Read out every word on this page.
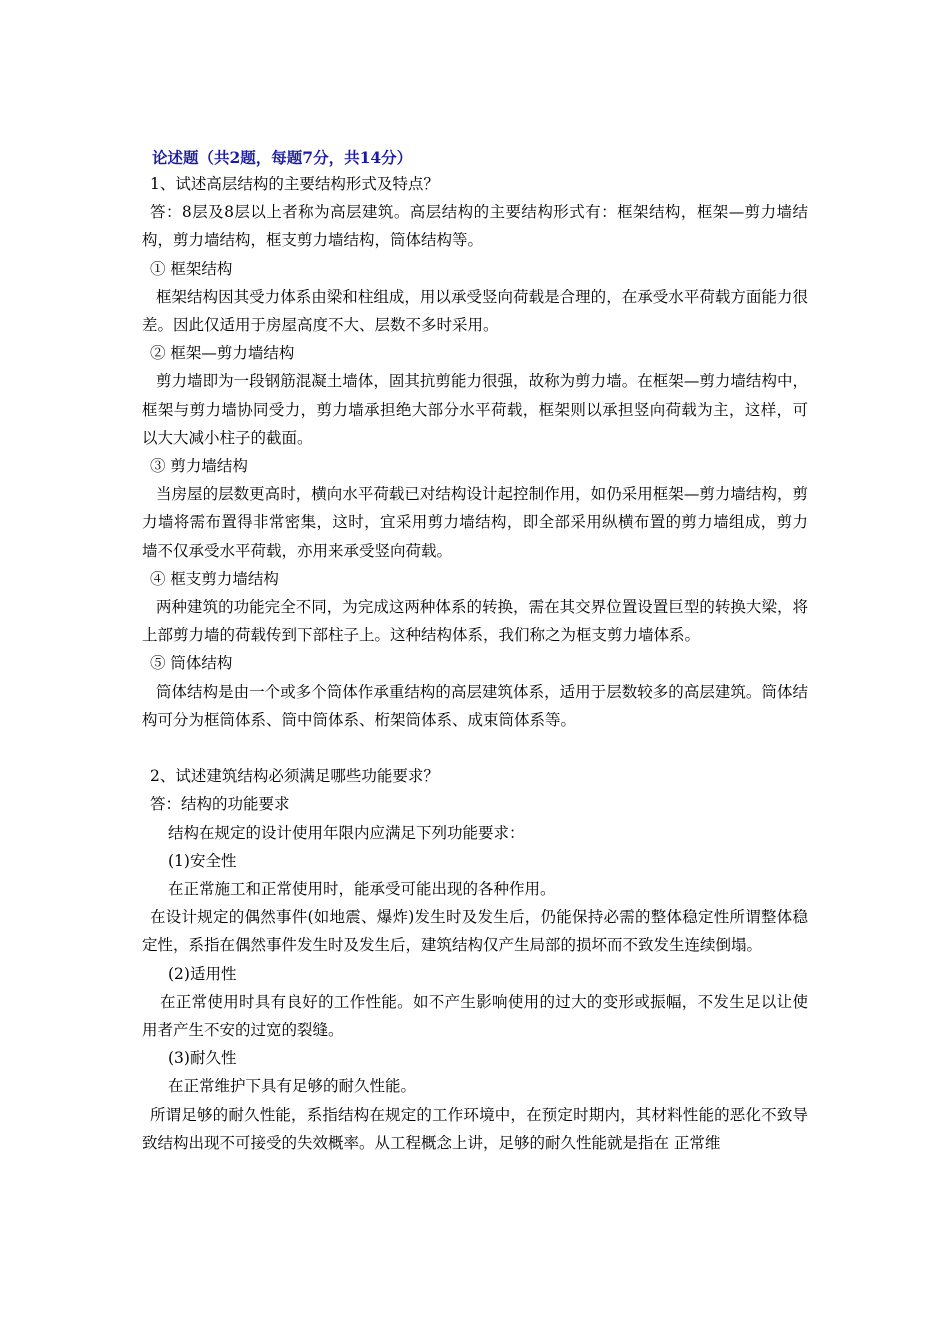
论述题（共2题，每题7分，共14分）

1、试述高层结构的主要结构形式及特点？

答：8层及8层以上者称为高层建筑。高层结构的主要结构形式有：框架结构，框架—剪力墙结构，剪力墙结构，框支剪力墙结构，筒体结构等。

① 框架结构

框架结构因其受力体系由梁和柱组成，用以承受竖向荷载是合理的，在承受水平荷载方面能力很差。因此仅适用于房屋高度不大、层数不多时采用。

② 框架—剪力墙结构

剪力墙即为一段钢筋混凝土墙体，固其抗剪能力很强，故称为剪力墙。在框架—剪力墙结构中，框架与剪力墙协同受力，剪力墙承担绝大部分水平荷载，框架则以承担竖向荷载为主，这样，可以大大减小柱子的截面。

③ 剪力墙结构

当房屋的层数更高时，横向水平荷载已对结构设计起控制作用，如仍采用框架—剪力墙结构，剪力墙将需布置得非常密集，这时，宜采用剪力墙结构，即全部采用纵横布置的剪力墙组成，剪力墙不仅承受水平荷载，亦用来承受竖向荷载。

④ 框支剪力墙结构

两种建筑的功能完全不同，为完成这两种体系的转换，需在其交界位置设置巨型的转换大梁，将上部剪力墙的荷载传到下部柱子上。这种结构体系，我们称之为框支剪力墙体系。

⑤ 筒体结构

筒体结构是由一个或多个筒体作承重结构的高层建筑体系，适用于层数较多的高层建筑。筒体结构可分为框筒体系、筒中筒体系、桁架筒体系、成束筒体系等。

2、试述建筑结构必须满足哪些功能要求？

答：结构的功能要求

结构在规定的设计使用年限内应满足下列功能要求：

(1)安全性

在正常施工和正常使用时，能承受可能出现的各种作用。

在设计规定的偶然事件(如地震、爆炸)发生时及发生后，仍能保持必需的整体稳定性所谓整体稳定性，系指在偶然事件发生时及发生后，建筑结构仅产生局部的损坏而不致发生连续倒塌。

(2)适用性

在正常使用时具有良好的工作性能。如不产生影响使用的过大的变形或振幅，不发生足以让使用者产生不安的过宽的裂缝。

(3)耐久性

在正常维护下具有足够的耐久性能。

所谓足够的耐久性能，系指结构在规定的工作环境中，在预定时期内，其材料性能的恶化不致导致结构出现不可接受的失效概率。从工程概念上讲，足够的耐久性能就是指在 正常维
